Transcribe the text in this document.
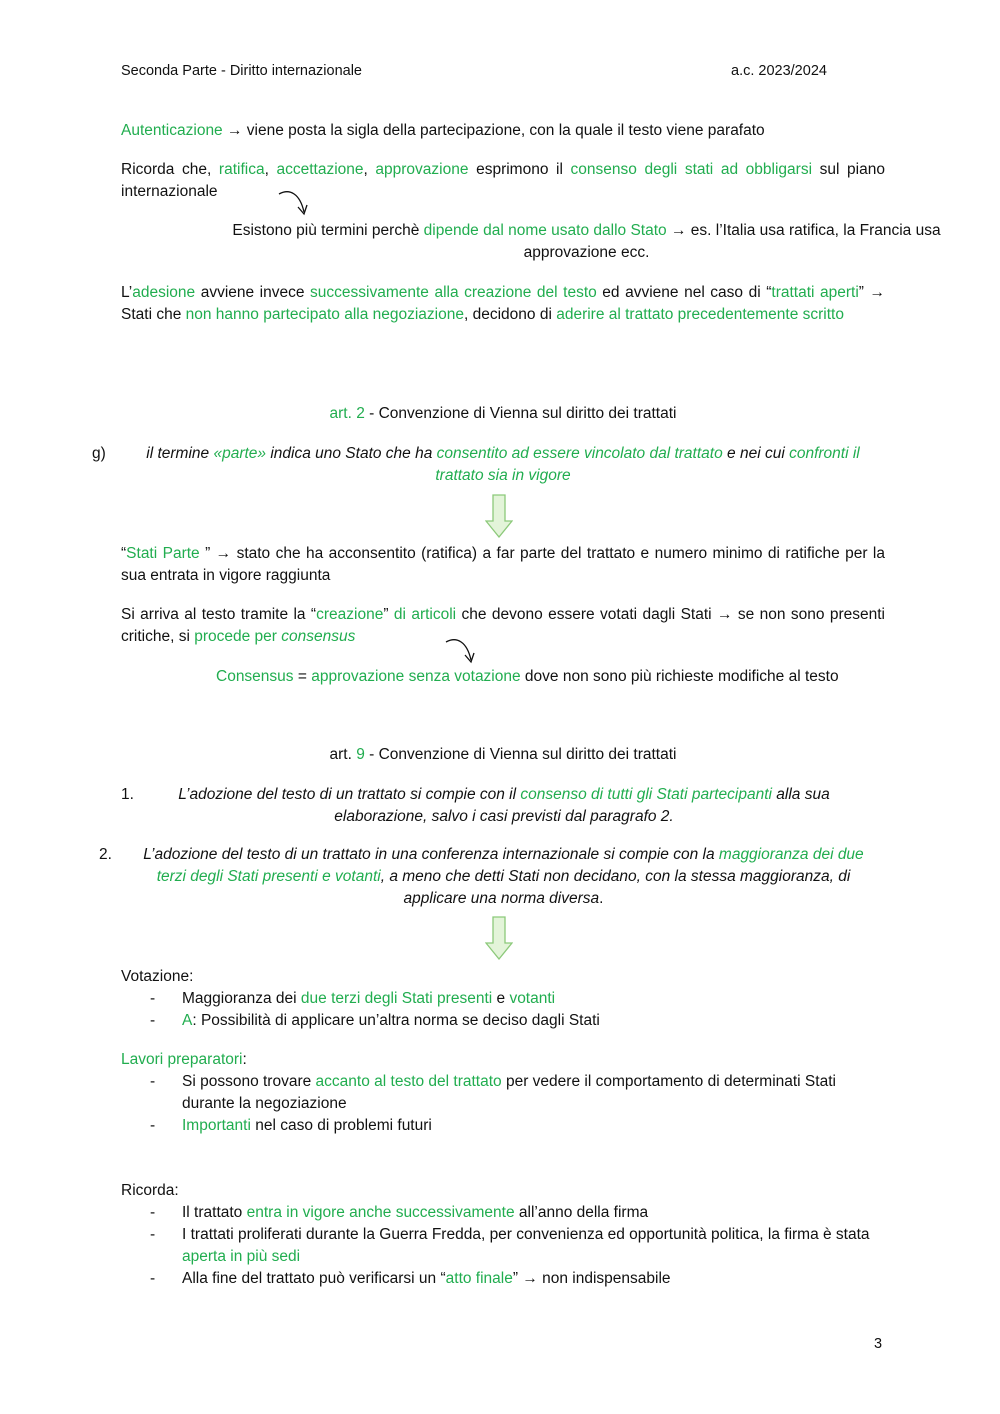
Seconda Parte - Diritto internazionale	a.c. 2023/2024
Autenticazione → viene posta la sigla della partecipazione, con la quale il testo viene parafato
Ricorda che, ratifica, accettazione, approvazione esprimono il consenso degli stati ad obbligarsi sul piano internazionale
Esistono più termini perchè dipende dal nome usato dallo Stato → es. l’Italia usa ratifica, la Francia usa approvazione ecc.
L’adesione avviene invece successivamente alla creazione del testo ed avviene nel caso di “trattati aperti” → Stati che non hanno partecipato alla negoziazione, decidono di aderire al trattato precedentemente scritto
art. 2 - Convenzione di Vienna sul diritto dei trattati
g)	il termine «parte» indica uno Stato che ha consentito ad essere vincolato dal trattato e nei cui confronti il trattato sia in vigore
“Stati Parte ” → stato che ha acconsentito (ratifica) a far parte del trattato e numero minimo di ratifiche per la sua entrata in vigore raggiunta
Si arriva al testo tramite la “creazione” di articoli che devono essere votati dagli Stati → se non sono presenti critiche, si procede per consensus
Consensus = approvazione senza votazione dove non sono più richieste modifiche al testo
art. 9 - Convenzione di Vienna sul diritto dei trattati
1.	L’adozione del testo di un trattato si compie con il consenso di tutti gli Stati partecipanti alla sua elaborazione, salvo i casi previsti dal paragrafo 2.
2.	L’adozione del testo di un trattato in una conferenza internazionale si compie con la maggioranza dei due terzi degli Stati presenti e votanti, a meno che detti Stati non decidano, con la stessa maggioranza, di applicare una norma diversa.
Votazione:
- Maggioranza dei due terzi degli Stati presenti e votanti
- A: Possibilità di applicare un’altra norma se deciso dagli Stati
Lavori preparatori:
- Si possono trovare accanto al testo del trattato per vedere il comportamento di determinati Stati durante la negoziazione
- Importanti nel caso di problemi futuri
Ricorda:
- Il trattato entra in vigore anche successivamente all’anno della firma
- I trattati proliferati durante la Guerra Fredda, per convenienza ed opportunità politica, la firma è stata aperta in più sedi
- Alla fine del trattato può verificarsi un “atto finale” → non indispensabile
3
